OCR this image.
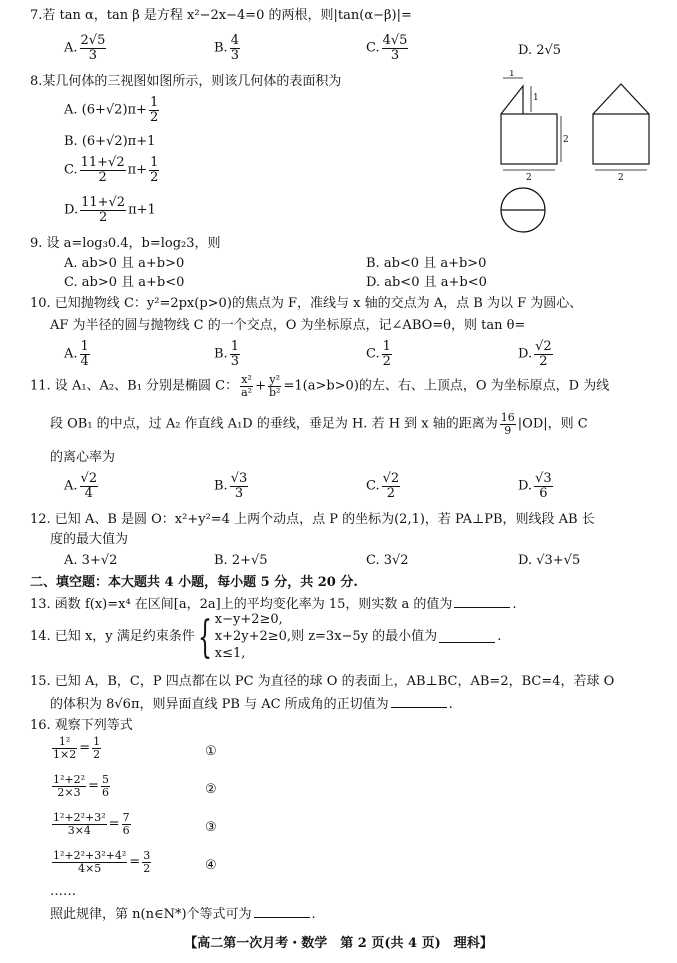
7.若 tan α，tan β 是方程 x²−2x−4=0 的两根，则|tan(α−β)|=
A. $\frac{2√5}{3}$	B. $\frac{4}{3}$	C. $\frac{4√5}{3}$	D. 2√5
8.某几何体的三视图如图所示，则该几何体的表面积为
A. $(6+√2)\pi+ \frac{1}{2}$
B. (6+√2)π+1
C. $\frac{11+√2}{2} \pi+ \frac{1}{2}$
D. $\frac{11+√2}{2} \pi+1$
1
1
2
2	2
9. 设 a=log₃0.4，b=log₂3，则
A. ab>0 且 a+b>0	B. ab<0 且 a+b>0
C. ab>0 且 a+b<0	D. ab<0 且 a+b<0
10. 已知抛物线 C：y²=2px(p>0)的焦点为 F，准线与 x 轴的交点为 A，点 B 为以 F 为圆心、
AF 为半径的圆与抛物线 C 的一个交点，O 为坐标原点，记∠ABO=θ，则 tan θ=
A. $\frac{1}{4}$	B. $\frac{1}{3}$	C. $\frac{1}{2}$	D. $\frac{√2}{2}$
11. 设 A₁、A₂、B₁ 分别是椭圆 C： $\frac{\text{x²}}{\text{a²}} + \frac{\text{y²}}{\text{b²}} =1(a>b>0)$的左、右、上顶点，O 为坐标原点，D 为线
段 OB₁ 的中点，过 A₂ 作直线 A₁D 的垂线，垂足为 H. 若 H 到 x 轴的距离为 $\frac{16}{9} |OD|$，则 C
的离心率为
A. $\frac{√2}{4}$	B. $\frac{√3}{3}$	C. $\frac{√2}{2}$	D. $\frac{√3}{6}$
12. 已知 A、B 是圆 O：x²+y²=4 上两个动点，点 P 的坐标为(2,1)，若 PA⊥PB，则线段 AB 长
度的最大值为
A. 3+√2	B. 2+√5	C. 3√2	D. √3+√5
二、填空题：本大题共 4 小题，每小题 5 分，共 20 分.
13. 函数 f(x)=x⁴ 在区间[a，2a]上的平均变化率为 15，则实数 a 的值为	.
14. 已知 x，y 满足约束条件{ x−y+2≥0,
x+2y+2≥0,
x≤1,
则 z=3x−5y 的最小值为	.
15. 已知 A，B，C，P 四点都在以 PC 为直径的球 O 的表面上，AB⊥BC，AB=2，BC=4，若球 O
的体积为 8√6π，则异面直线 PB 与 AC 所成角的正切值为	.
16. 观察下列等式
$\frac{\text{1²}}{1\times 2} = \frac{1}{2}$	①
$\frac{\text{1²+2²}}{2\times 3} = \frac{5}{6}$	②
$\frac{\text{1²+2²+3²}}{3\times 4} = \frac{7}{6}$	③
$\frac{\text{1²+2²+3²+4²}}{4\times 5} = \frac{3}{2}$	④
……
照此规律，第 n(n∈N*)个等式可为	.
【高二第一次月考・数学　第 2 页(共 4 页)　理科】
